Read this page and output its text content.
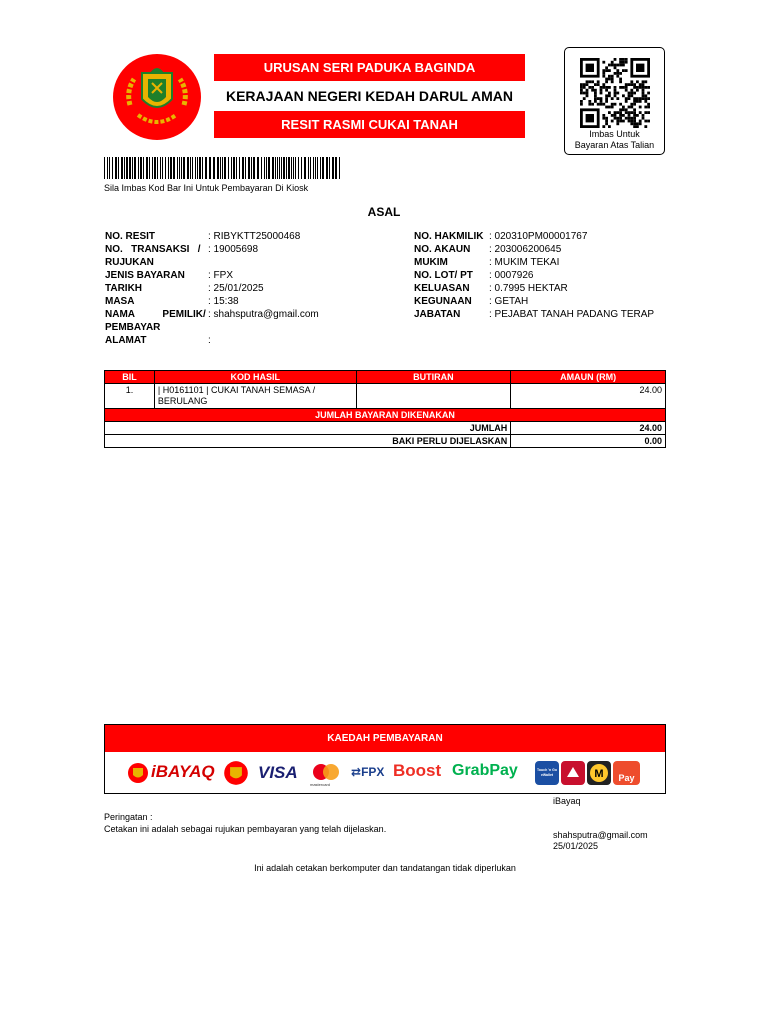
URUSAN SERI PADUKA BAGINDA
KERAJAAN NEGERI KEDAH DARUL AMAN
RESIT RASMI CUKAI TANAH
Imbas Untuk
Bayaran Atas Talian
Sila Imbas Kod Bar Ini Untuk Pembayaran Di Kiosk
ASAL
NO. RESIT	: RIBYKTT25000468
NO.   TRANSAKSI   / : 19005698
RUJUKAN
JENIS BAYARAN	: FPX
TARIKH	: 25/01/2025
MASA	: 15:38
NAMA          PEMILIK/ : shahsputra@gmail.com
PEMBAYAR
ALAMAT	:
NO. HAKMILIK : 020310PM00001767
NO. AKAUN	: 203006200645
MUKIM	: MUKIM TEKAI
NO. LOT/ PT	: 0007926
KELUASAN	: 0.7995 HEKTAR
KEGUNAAN	: GETAH
JABATAN	: PEJABAT TANAH PADANG TERAP
BIL	KOD HASIL	BUTIRAN	AMAUN (RM)
1.	| H0161101 | CUKAI TANAH SEMASA /
BERULANG		24.00
JUMLAH BAYARAN DIKENAKAN			
JUMLAH			24.00
BAKI PERLU DIJELASKAN			0.00
KAEDAH PEMBAYARAN
iBAYAQ	VISA
mastercard
⇄FPX Boost GrabPay	Touch 'n Go eWallet	M	Pay
iBayaq
Peringatan :
Cetakan ini adalah sebagai rujukan pembayaran yang telah dijelaskan.
shahsputra@gmail.com
25/01/2025
Ini adalah cetakan berkomputer dan tandatangan tidak diperlukan
